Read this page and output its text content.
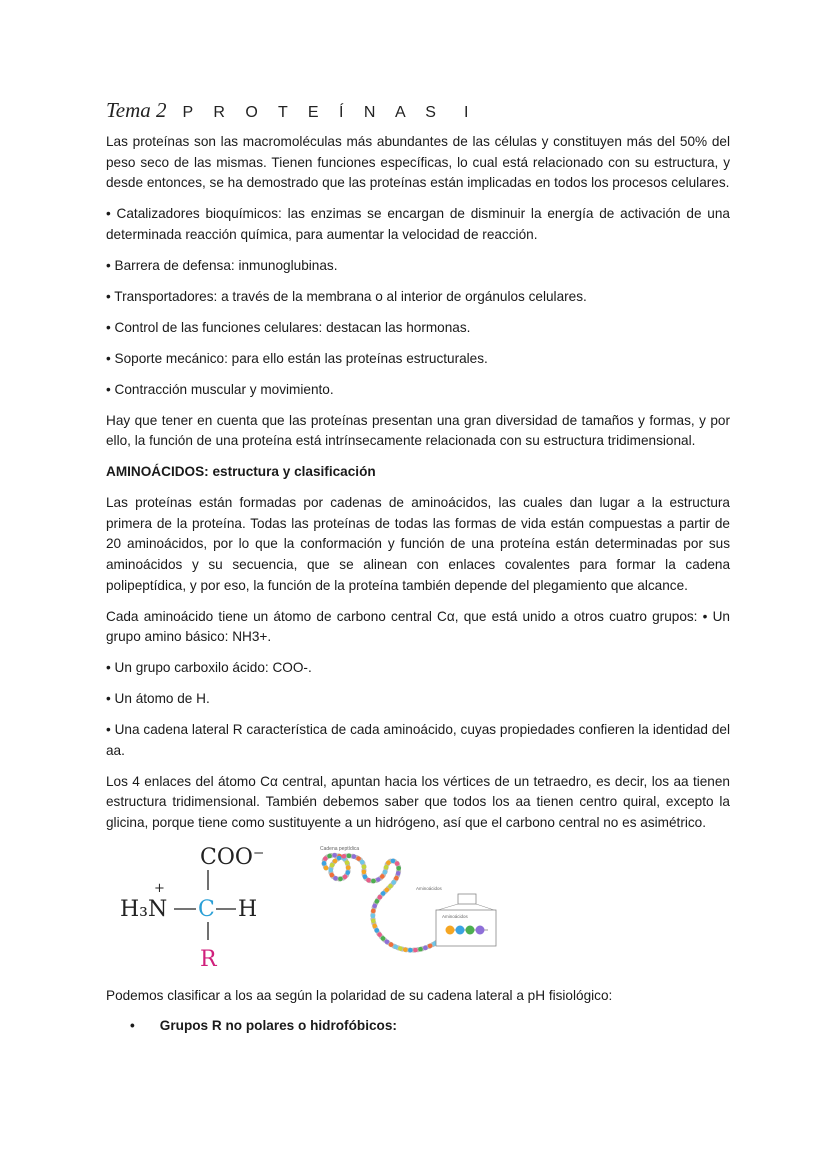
Tema 2 P R O T E Í N A S I

Las proteínas son las macromoléculas más abundantes de las células y constituyen más del 50% del peso seco de las mismas. Tienen funciones específicas, lo cual está relacionado con su estructura, y desde entonces, se ha demostrado que las proteínas están implicadas en todos los procesos celulares.

• Catalizadores bioquímicos: las enzimas se encargan de disminuir la energía de activación de una determinada reacción química, para aumentar la velocidad de reacción.

• Barrera de defensa: inmunoglubinas.

• Transportadores: a través de la membrana o al interior de orgánulos celulares.

• Control de las funciones celulares: destacan las hormonas.

• Soporte mecánico: para ello están las proteínas estructurales.

• Contracción muscular y movimiento.

Hay que tener en cuenta que las proteínas presentan una gran diversidad de tamaños y formas, y por ello, la función de una proteína está intrínsecamente relacionada con su estructura tridimensional.

AMINOÁCIDOS: estructura y clasificación

Las proteínas están formadas por cadenas de aminoácidos, las cuales dan lugar a la estructura primera de la proteína. Todas las proteínas de todas las formas de vida están compuestas a partir de 20 aminoácidos, por lo que la conformación y función de una proteína están determinadas por sus aminoácidos y su secuencia, que se alinean con enlaces covalentes para formar la cadena polipeptídica, y por eso, la función de la proteína también depende del plegamiento que alcance.

Cada aminoácido tiene un átomo de carbono central Cα, que está unido a otros cuatro grupos: • Un grupo amino básico: NH3+.

• Un grupo carboxilo ácido: COO-.

• Un átomo de H.

• Una cadena lateral R característica de cada aminoácido, cuyas propiedades confieren la identidad del aa.

Los 4 enlaces del átomo Cα central, apuntan hacia los vértices de un tetraedro, es decir, los aa tienen estructura tridimensional. También debemos saber que todos los aa tienen centro quiral, excepto la glicina, porque tiene como sustituyente a un hidrógeno, así que el carbono central no es asimétrico.

COO⁻
+
H₃N C H
R
Cadena peptídica
Aminoácidos
Aminoácidos

Podemos clasificar a los aa según la polaridad de su cadena lateral a pH fisiológico:

• Grupos R no polares o hidrofóbicos:
